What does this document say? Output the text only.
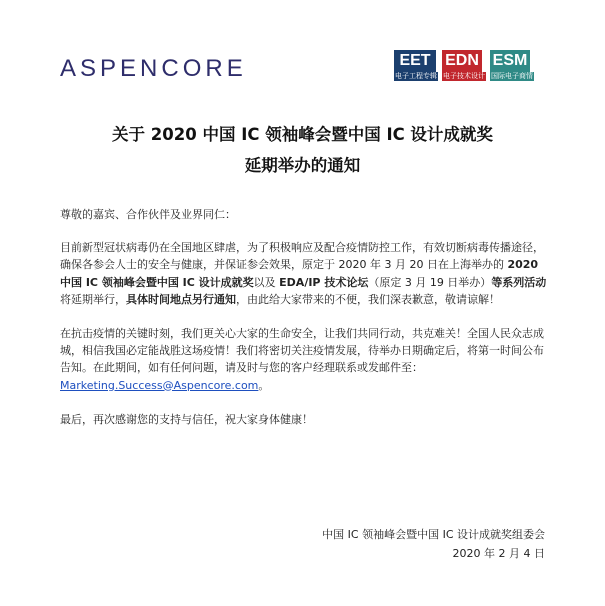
ASPENCORE	EET
电子工程专辑
EDN
电子技术设计
ESM
国际电子商情
关于 2020 中国 IC 领袖峰会暨中国 IC 设计成就奖
延期举办的通知

尊敬的嘉宾、合作伙伴及业界同仁：

目前新型冠状病毒仍在全国地区肆虐，为了积极响应及配合疫情防控工作，有效切断病毒传播途径，确保各参会人士的安全与健康，并保证参会效果，原定于 2020 年 3 月 20 日在上海举办的 2020 中国 IC 领袖峰会暨中国 IC 设计成就奖以及 EDA/IP 技术论坛（原定 3 月 19 日举办）等系列活动将延期举行，具体时间地点另行通知，由此给大家带来的不便，我们深表歉意，敬请谅解！

在抗击疫情的关键时刻，我们更关心大家的生命安全，让我们共同行动，共克难关！全国人民众志成城，相信我国必定能战胜这场疫情！我们将密切关注疫情发展，待举办日期确定后，将第一时间公布告知。在此期间，如有任何问题，请及时与您的客户经理联系或发邮件至：
Marketing.Success@Aspencore.com。

最后，再次感谢您的支持与信任，祝大家身体健康！

中国 IC 领袖峰会暨中国 IC 设计成就奖组委会
2020 年 2 月 4 日
